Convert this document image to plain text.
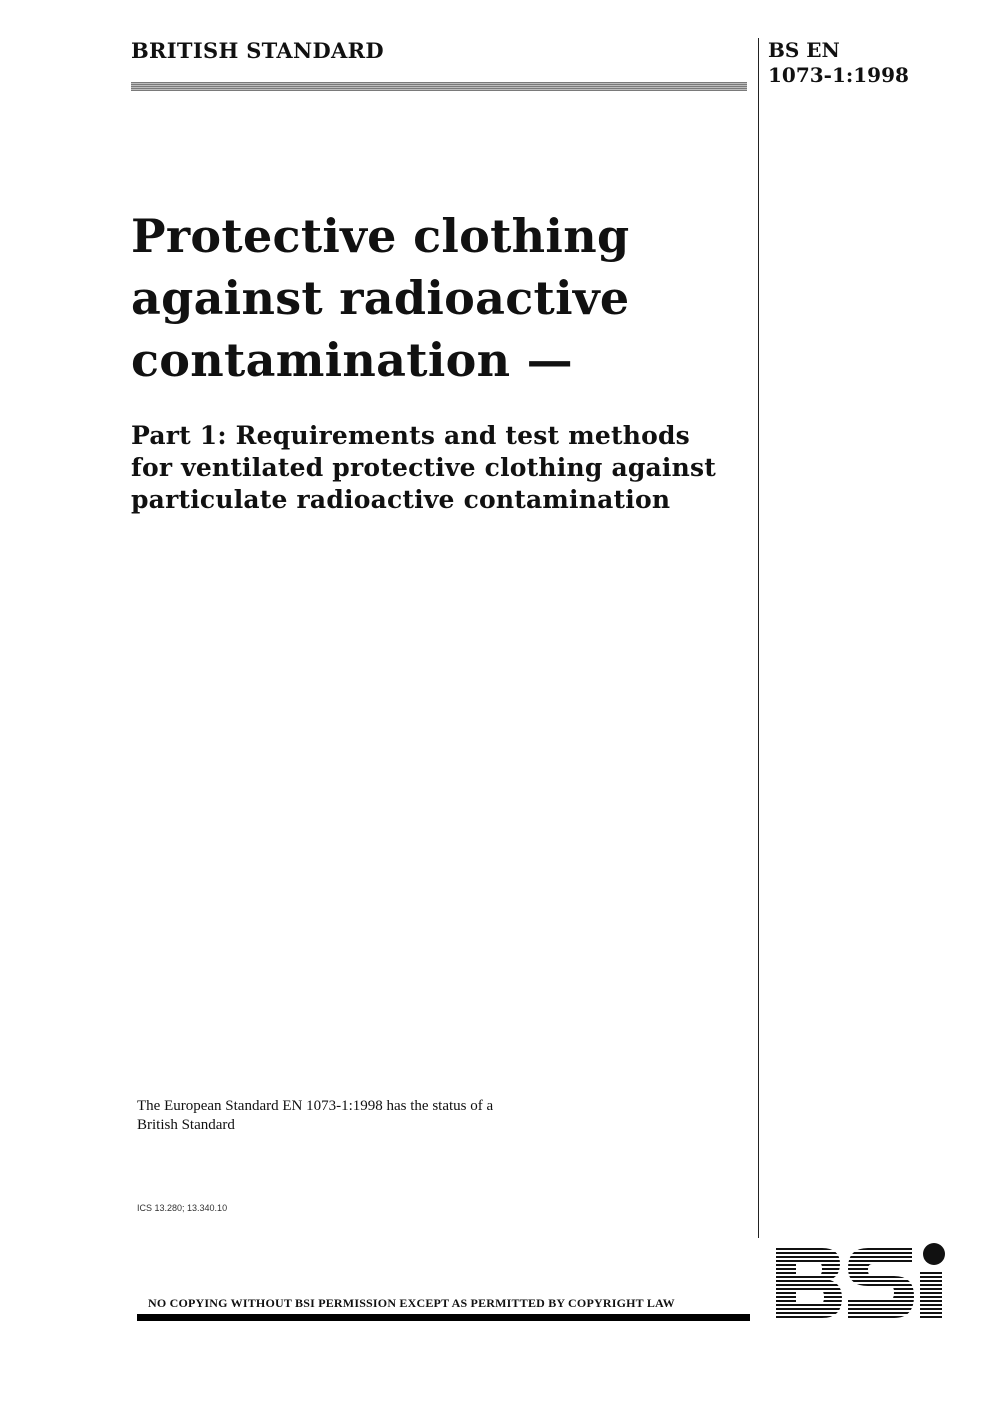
BRITISH STANDARD	BS EN
1073-1:1998
Protective clothing
against radioactive
contamination —
Part 1: Requirements and test methods
for ventilated protective clothing against
particulate radioactive contamination
The European Standard EN 1073-1:1998 has the status of a
British Standard
ICS 13.280; 13.340.10
NO COPYING WITHOUT BSI PERMISSION EXCEPT AS PERMITTED BY COPYRIGHT LAW
BSI
